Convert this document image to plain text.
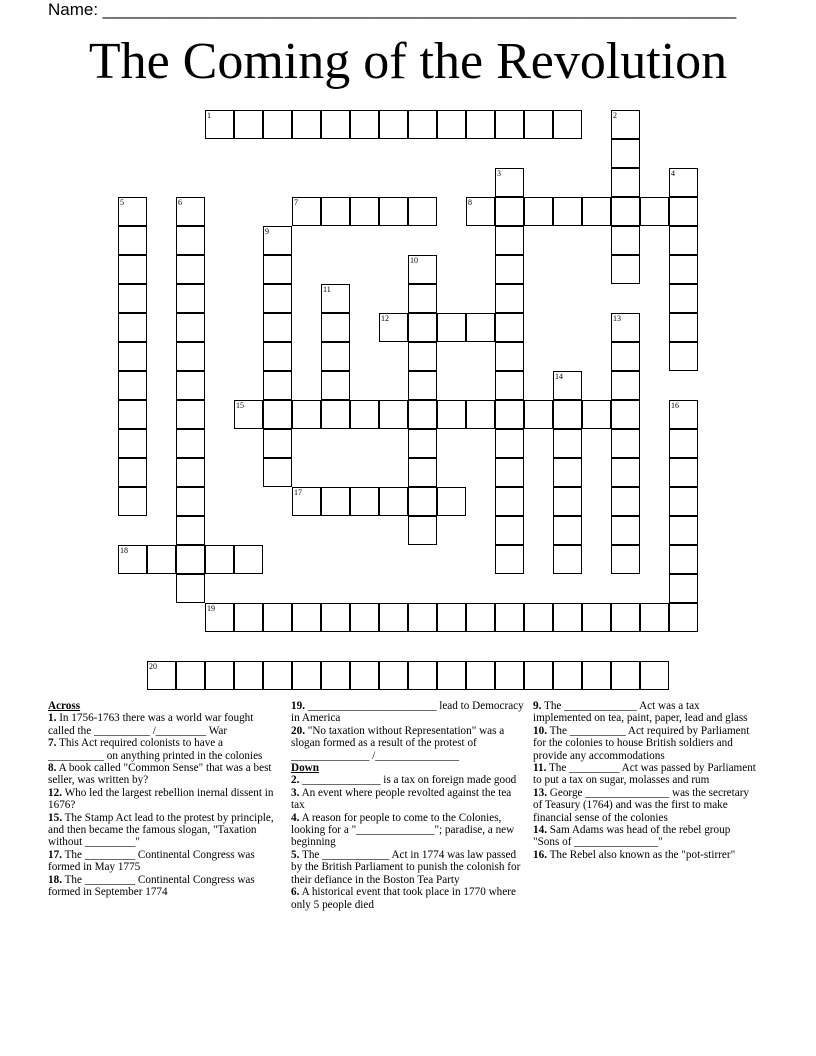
Name: ___________________________________________________________________
The Coming of the Revolution
1	2
3	4
5	6	7	8
9
10
11
12	13
14
15	16
17
18
19
20
Across
1. In 1756-1763 there was a world war fought called the __________ /_________ War
7. This Act required colonists to have a __________ on anything printed in the colonies
8. A book called "Common Sense" that was a best seller, was written by?
12. Who led the largest rebellion inernal dissent in 1676?
15. The Stamp Act lead to the protest by principle, and then became the famous slogan, "Taxation without _________"
17. The _________ Continental Congress was formed in May 1775
18. The _________ Continental Congress was formed in September 1774
19. _______________________ lead to Democracy in America
20. "No taxation without Representation" was a slogan formed as a result of the protest of ______________ /_______________
Down
2. ______________ is a tax on foreign made good
3. An event where people revolted against the tea tax
4. A reason for people to come to the Colonies, looking for a "______________"; paradise, a new beginning
5. The ____________ Act in 1774 was law passed by the British Parliament to punish the colonish for their defiance in the Boston Tea Party
6. A historical event that took place in 1770 where only 5 people died
9. The _____________ Act was a tax implemented on tea, paint, paper, lead and glass
10. The __________ Act required by Parliament for the colonies to house British soldiers and provide any accommodations
11. The _________ Act was passed by Parliament to put a tax on sugar, molasses and rum
13. George _______________ was the secretary of Teasury (1764) and was the first to make financial sense of the colonies
14. Sam Adams was head of the rebel group "Sons of _______________"
16. The Rebel also known as the "pot-stirrer"
